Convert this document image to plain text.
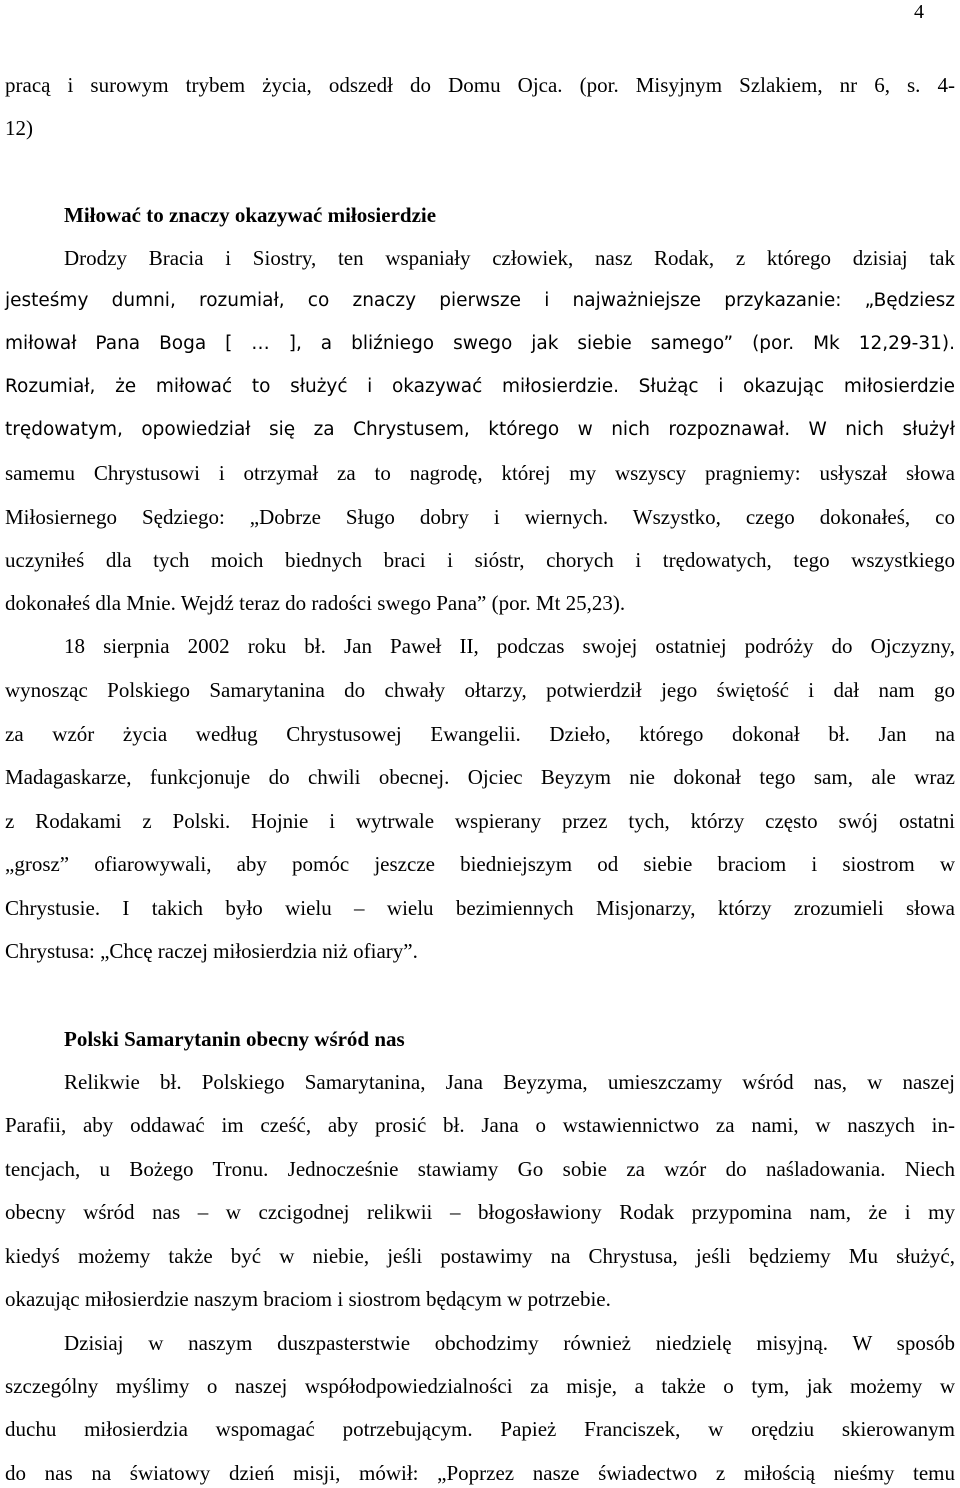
4
pracą i surowym trybem życia, odszedł do Domu Ojca. (por. Misyjnym Szlakiem, nr 6, s. 4-
12)
Miłować to znaczy okazywać miłosierdzie
Drodzy Bracia i Siostry, ten wspaniały człowiek, nasz Rodak, z którego dzisiaj tak
jesteśmy dumni, rozumiał, co znaczy pierwsze i najważniejsze przykazanie: „Będziesz
miłował Pana Boga [ … ], a bliźniego swego jak siebie samego” (por. Mk 12,29-31).
Rozumiał, że miłować to służyć i okazywać miłosierdzie. Służąc i okazując miłosierdzie
trędowatym, opowiedział się za Chrystusem, którego w nich rozpoznawał. W nich służył
samemu Chrystusowi i otrzymał za to nagrodę, której my wszyscy pragniemy: usłyszał słowa
Miłosiernego Sędziego: „Dobrze Sługo dobry i wiernych. Wszystko, czego dokonałeś, co
uczyniłeś dla tych moich biednych braci i sióstr, chorych i trędowatych, tego wszystkiego
dokonałeś dla Mnie. Wejdź teraz do radości swego Pana” (por. Mt 25,23).
18 sierpnia 2002 roku bł. Jan Paweł II, podczas swojej ostatniej podróży do Ojczyzny,
wynosząc Polskiego Samarytanina do chwały ołtarzy, potwierdził jego świętość i dał nam go
za wzór życia według Chrystusowej Ewangelii. Dzieło, którego dokonał bł. Jan na
Madagaskarze, funkcjonuje do chwili obecnej. Ojciec Beyzym nie dokonał tego sam, ale wraz
z Rodakami z Polski. Hojnie i wytrwale wspierany przez tych, którzy często swój ostatni
„grosz” ofiarowywali, aby pomóc jeszcze biedniejszym od siebie braciom i siostrom w
Chrystusie. I takich było wielu – wielu bezimiennych Misjonarzy, którzy zrozumieli słowa
Chrystusa: „Chcę raczej miłosierdzia niż ofiary”.
Polski Samarytanin obecny wśród nas
Relikwie bł. Polskiego Samarytanina, Jana Beyzyma, umieszczamy wśród nas, w naszej
Parafii, aby oddawać im cześć, aby prosić bł. Jana o wstawiennictwo za nami, w naszych in-
tencjach, u Bożego Tronu. Jednocześnie stawiamy Go sobie za wzór do naśladowania. Niech
obecny wśród nas – w czcigodnej relikwii – błogosławiony Rodak przypomina nam, że i my
kiedyś możemy także być w niebie, jeśli postawimy na Chrystusa, jeśli będziemy Mu służyć,
okazując miłosierdzie naszym braciom i siostrom będącym w potrzebie.
Dzisiaj w naszym duszpasterstwie obchodzimy również niedzielę misyjną. W sposób
szczególny myślimy o naszej współodpowiedzialności za misje, a także o tym, jak możemy w
duchu miłosierdzia wspomagać potrzebującym. Papież Franciszek, w orędziu skierowanym
do nas na światowy dzień misji, mówił: „Poprzez nasze świadectwo z miłością nieśmy temu
